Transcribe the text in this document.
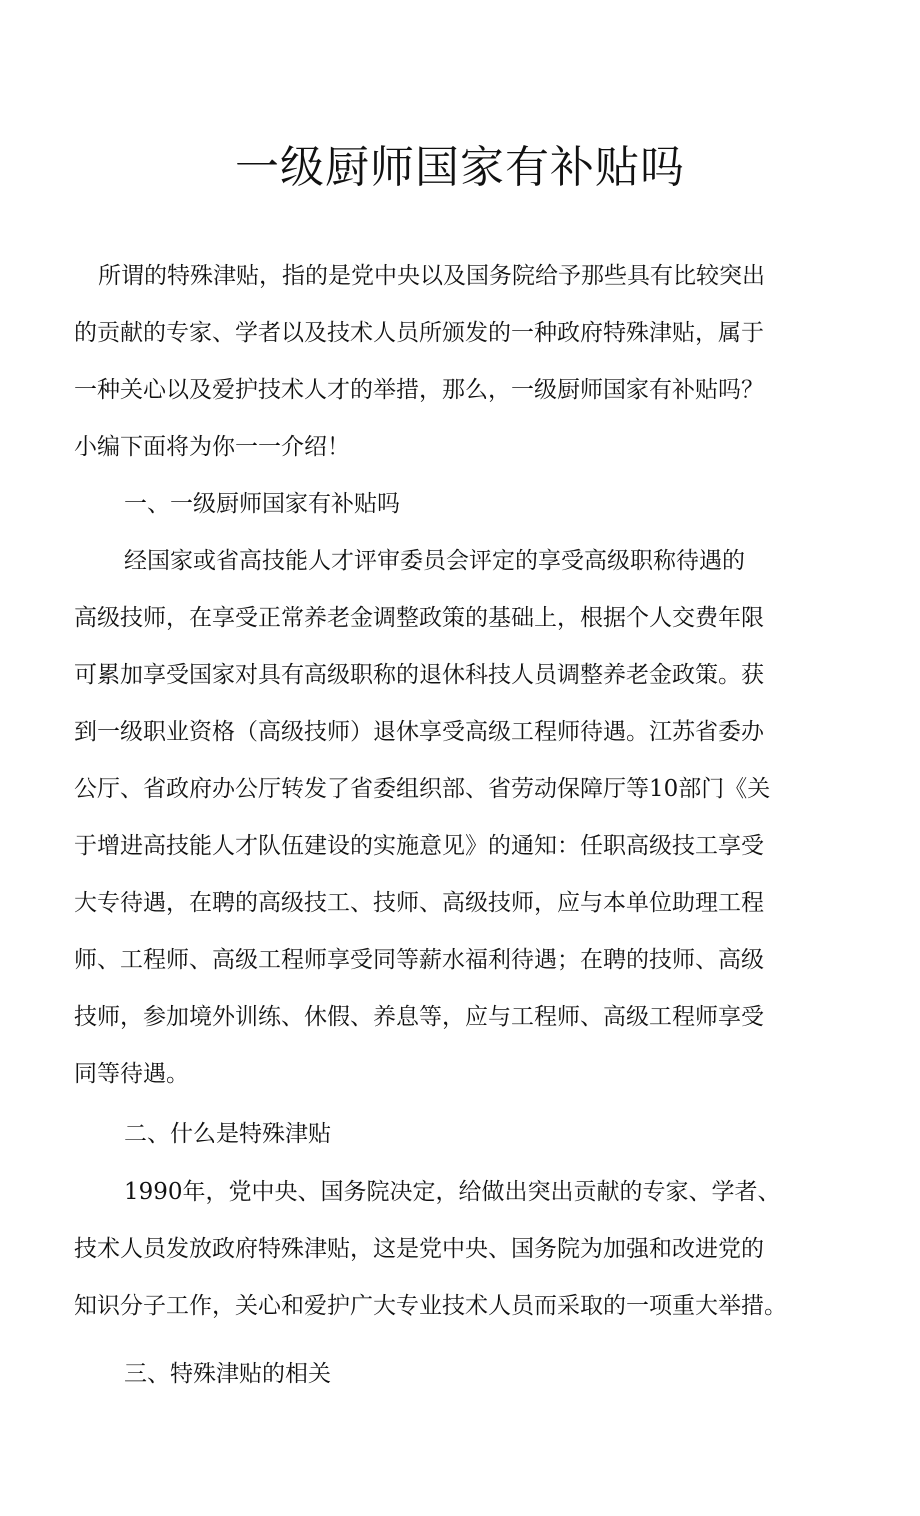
一级厨师国家有补贴吗

所谓的特殊津贴，指的是党中央以及国务院给予那些具有比较突出

的贡献的专家、学者以及技术人员所颁发的一种政府特殊津贴，属于

一种关心以及爱护技术人才的举措，那么，一级厨师国家有补贴吗？

小编下面将为你一一介绍！

一、一级厨师国家有补贴吗

经国家或省高技能人才评审委员会评定的享受高级职称待遇的

高级技师，在享受正常养老金调整政策的基础上，根据个人交费年限

可累加享受国家对具有高级职称的退休科技人员调整养老金政策。获

到一级职业资格（高级技师）退休享受高级工程师待遇。江苏省委办

公厅、省政府办公厅转发了省委组织部、省劳动保障厅等10部门《关

于增进高技能人才队伍建设的实施意见》的通知：任职高级技工享受

大专待遇，在聘的高级技工、技师、高级技师，应与本单位助理工程

师、工程师、高级工程师享受同等薪水福利待遇；在聘的技师、高级

技师，参加境外训练、休假、养息等，应与工程师、高级工程师享受

同等待遇。

二、什么是特殊津贴

1990年，党中央、国务院决定，给做出突出贡献的专家、学者、

技术人员发放政府特殊津贴，这是党中央、国务院为加强和改进党的

知识分子工作，关心和爱护广大专业技术人员而采取的一项重大举措。

三、特殊津贴的相关
